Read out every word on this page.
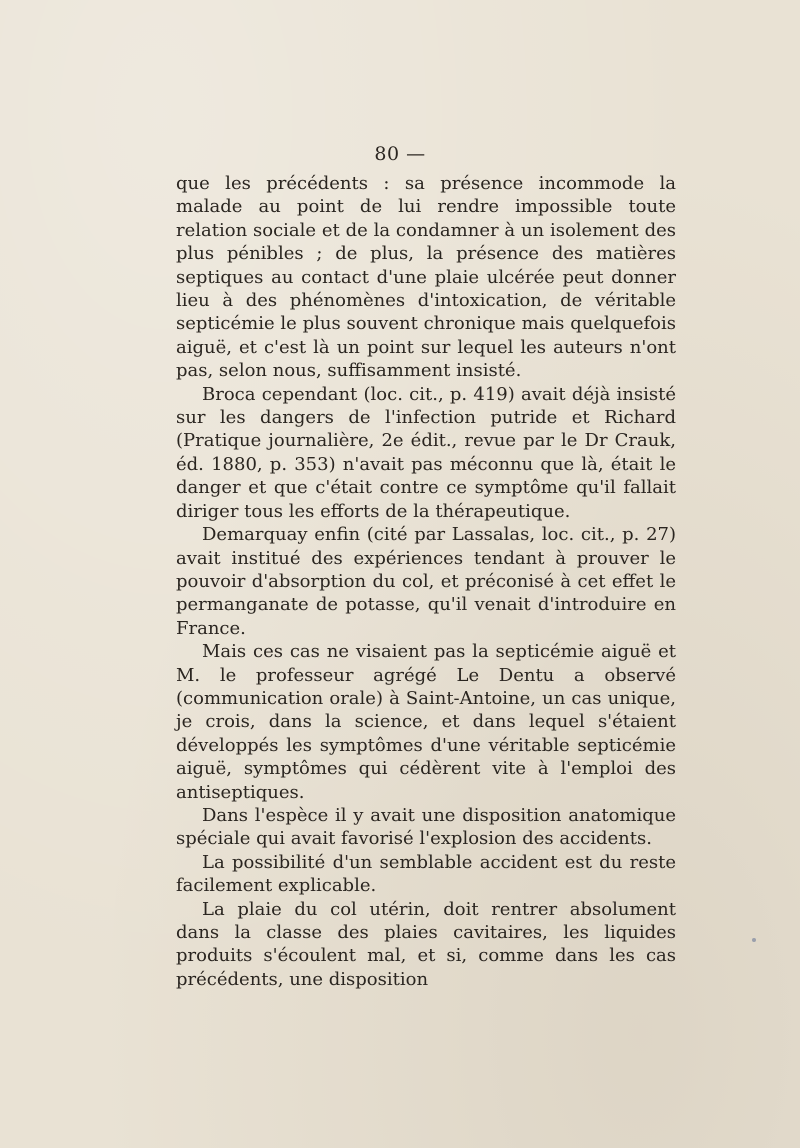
80 —

que les précédents : sa présence incommode la malade au point de lui rendre impossible toute relation sociale et de la condamner à un isolement des plus pénibles ; de plus, la présence des matières septiques au contact d'une plaie ulcérée peut donner lieu à des phénomènes d'intoxication, de véritable septicémie le plus souvent chronique mais quelquefois aiguë, et c'est là un point sur lequel les auteurs n'ont pas, selon nous, suffisamment insisté.

Broca cependant (loc. cit., p. 419) avait déjà insisté sur les dangers de l'infection putride et Richard (Pratique journalière, 2e édit., revue par le Dr Crauk, éd. 1880, p. 353) n'avait pas méconnu que là, était le danger et que c'était contre ce symptôme qu'il fallait diriger tous les efforts de la thérapeutique.

Demarquay enfin (cité par Lassalas, loc. cit., p. 27) avait institué des expériences tendant à prouver le pouvoir d'absorption du col, et préconisé à cet effet le permanganate de potasse, qu'il venait d'introduire en France.

Mais ces cas ne visaient pas la septicémie aiguë et M. le professeur agrégé Le Dentu a observé (communication orale) à Saint-Antoine, un cas unique, je crois, dans la science, et dans lequel s'étaient développés les symptômes d'une véritable septicémie aiguë, symptômes qui cédèrent vite à l'emploi des antiseptiques.

Dans l'espèce il y avait une disposition anatomique spéciale qui avait favorisé l'explosion des accidents.

La possibilité d'un semblable accident est du reste facilement explicable.

La plaie du col utérin, doit rentrer absolument dans la classe des plaies cavitaires, les liquides produits s'écoulent mal, et si, comme dans les cas précédents, une disposition
